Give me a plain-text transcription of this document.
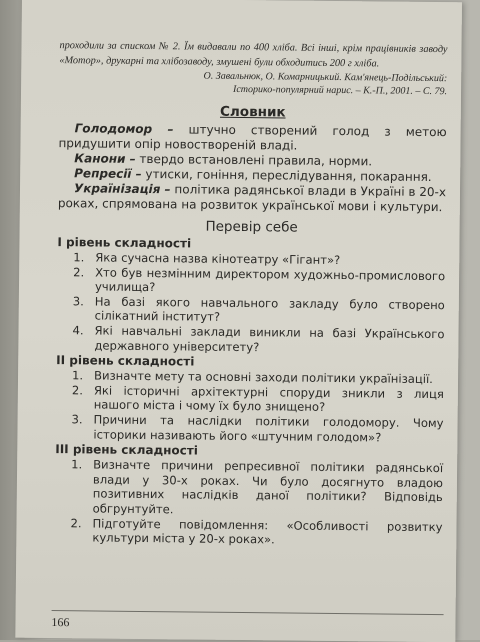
проходили за списком № 2. Їм видавали по 400 хліба. Всі інші, крім працівників заводу «Мотор», друкарні та хлібозаводу, змушені були обходитись 200 г хліба.
О. Завальнюк, О. Комарницький. Кам'янець-Подільський: Історико-популярний нарис. – К.-П., 2001. – С. 79.
Словник

Голодомор – штучно створений голод з метою придушити опір новоствореній владі.

Канони – твердо встановлені правила, норми.

Репресії – утиски, гоніння, переслідування, покарання.

Українізація – політика радянської влади в Україні в 20-х роках, спрямована на розвиток української мови і культури.

Перевір себе
І рівень складності
1. Яка сучасна назва кінотеатру «Гігант»?
2. Хто був незмінним директором художньо-промислового училища?
3. На базі якого навчального закладу було створено сілікатний інститут?
4. Які навчальні заклади виникли на базі Українського державного університету?
ІІ рівень складності
1. Визначте мету та основні заходи політики українізації.
2. Які історичні архітектурні споруди зникли з лиця нашого міста і чому їх було знищено?
3. Причини та наслідки політики голодомору. Чому історики називають його «штучним голодом»?
ІІІ рівень складності
1. Визначте причини репресивної політики радянської влади у 30-х роках. Чи було досягнуто владою позитивних наслідків даної політики? Відповідь обгрунтуйте.
2. Підготуйте повідомлення: «Особливості розвитку культури міста у 20-х роках».
166
